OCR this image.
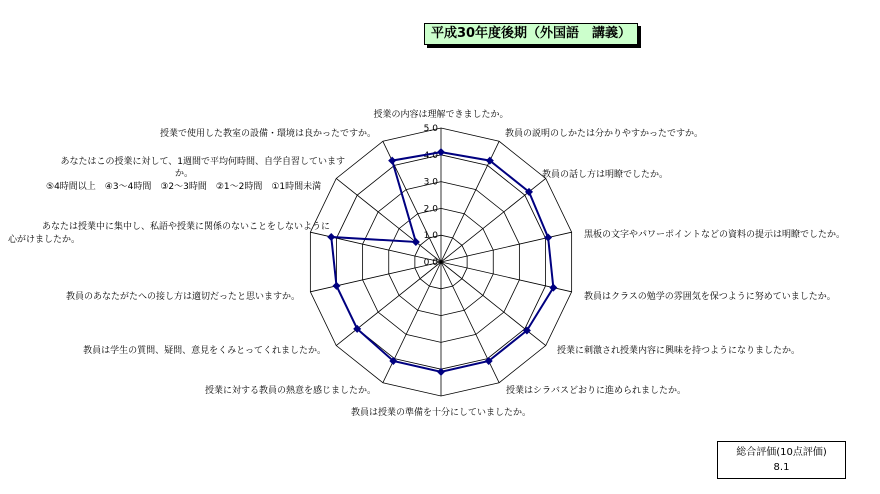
平成30年度後期（外国語　講義）
0.0
1.0
2.0
3.0
4.0
5.0
授業の内容は理解できましたか。
教員の説明のしかたは分かりやすかったですか。
教員の話し方は明瞭でしたか。
黒板の文字やパワーポイントなどの資料の提示は明瞭でしたか。
教員はクラスの勉学の雰囲気を保つように努めていましたか。
授業に刺激され授業内容に興味を持つようになりましたか。
授業はシラバスどおりに進められましたか。
教員は授業の準備を十分にしていましたか。
授業に対する教員の熱意を感じましたか。
教員は学生の質問、疑問、意見をくみとってくれましたか。
教員のあなたがたへの接し方は適切だったと思いますか。
あなたは授業中に集中し、私語や授業に関係のないことをしないように心がけましたか。
あなたはこの授業に対して、1週間で平均何時間、自学自習していますか。 ⑤4時間以上　④3～4時間　③2～3時間　②1～2時間　①1時間未満
授業で使用した教室の設備・環境は良かったですか。
総合評価(10点評価)
8.1
